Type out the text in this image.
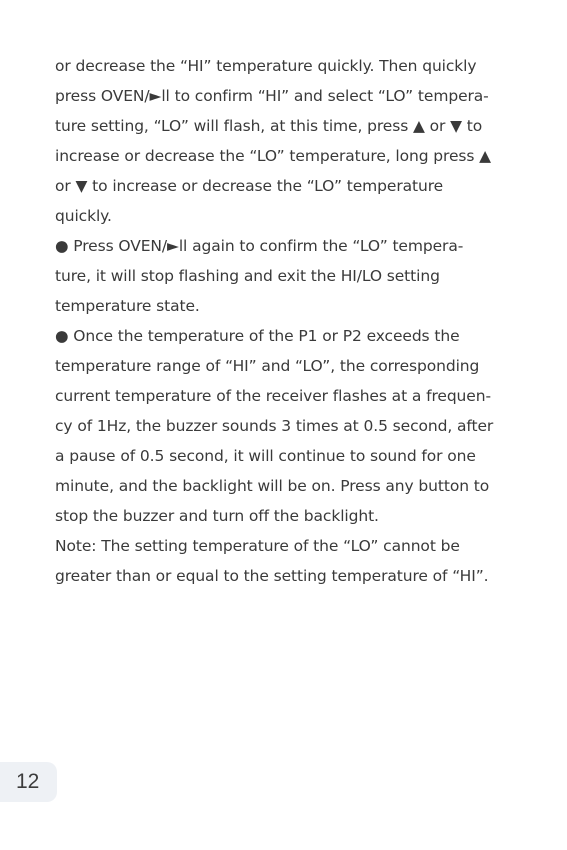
or decrease the “HI” temperature quickly. Then quickly
press OVEN/►ll to confirm “HI” and select “LO” tempera-
ture setting, “LO” will flash, at this time, press ▲ or ▼ to
increase or decrease the “LO” temperature, long press ▲
or ▼ to increase or decrease the “LO” temperature
quickly.
● Press OVEN/►ll again to confirm the “LO” tempera-
ture, it will stop flashing and exit the HI/LO setting
temperature state.
● Once the temperature of the P1 or P2 exceeds the
temperature range of “HI” and “LO”, the corresponding
current temperature of the receiver flashes at a frequen-
cy of 1Hz, the buzzer sounds 3 times at 0.5 second, after
a pause of 0.5 second, it will continue to sound for one
minute, and the backlight will be on. Press any button to
stop the buzzer and turn off the backlight.
Note: The setting temperature of the “LO” cannot be
greater than or equal to the setting temperature of “HI”.
12
